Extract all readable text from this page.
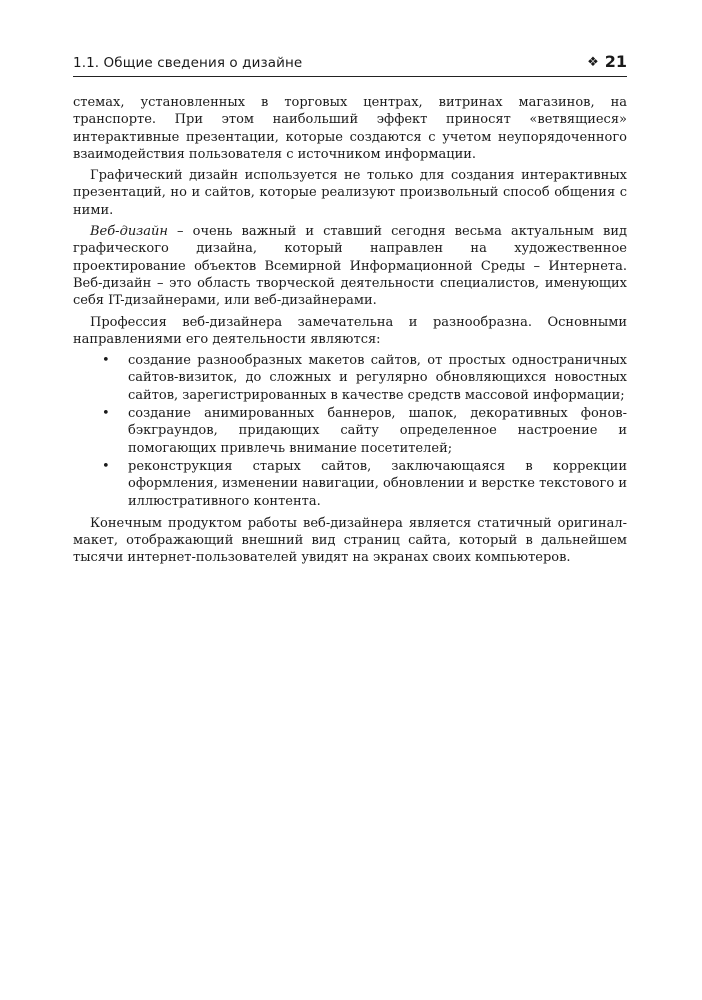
1.1. Общие сведения о дизайне	❖ 21

стемах, установленных в торговых центрах, витринах магазинов, на транспорте. При этом наибольший эффект приносят «ветвящиеся» интерактивные презентации, которые создаются с учетом неупорядоченного взаимодействия пользователя с источником информации.

Графический дизайн используется не только для создания интерактивных презентаций, но и сайтов, которые реализуют произвольный способ общения с ними.

Веб-дизайн – очень важный и ставший сегодня весьма актуальным вид графического дизайна, который направлен на художественное проектирование объектов Всемирной Информационной Среды – Интернета. Веб-дизайн – это область творческой деятельности специалистов, именующих себя IT-дизайнерами, или веб-дизайнерами.

Профессия веб-дизайнера замечательна и разнообразна. Основными направлениями его деятельности являются:

• создание разнообразных макетов сайтов, от простых одностраничных сайтов-визиток, до сложных и регулярно обновляющихся новостных сайтов, зарегистрированных в качестве средств массовой информации;
• создание анимированных баннеров, шапок, декоративных фонов-бэкграундов, придающих сайту определенное настроение и помогающих привлечь внимание посетителей;
• реконструкция старых сайтов, заключающаяся в коррекции оформления, изменении навигации, обновлении и верстке текстового и иллюстративного контента.

Конечным продуктом работы веб-дизайнера является статичный оригинал-макет, отображающий внешний вид страниц сайта, который в дальнейшем тысячи интернет-пользователей увидят на экранах своих компьютеров.
